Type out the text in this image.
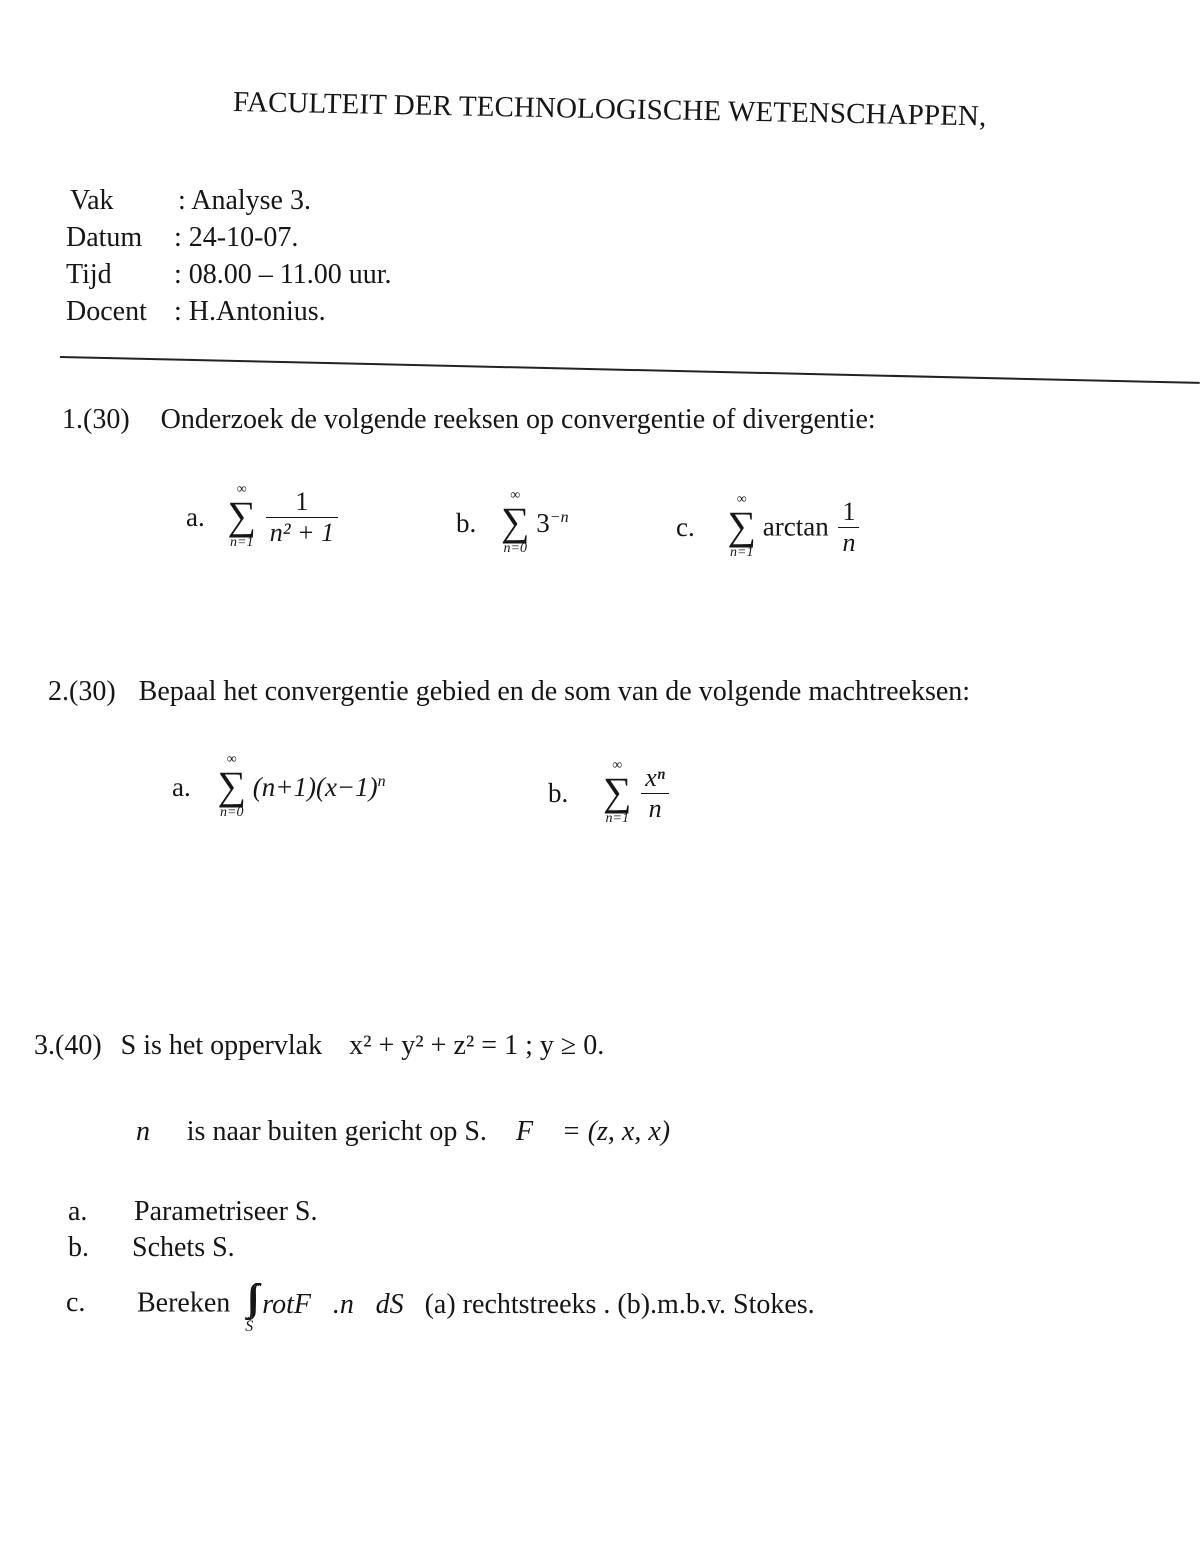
FACULTEIT DER TECHNOLOGISCHE WETENSCHAPPEN,
Vak : Analyse 3.
Datum : 24-10-07.
Tijd : 08.00 – 11.00 uur.
Docent : H.Antonius.
1.(30) Onderzoek de volgende reeksen op convergentie of divergentie:
a.
∞
∑
n=1
$\frac{1}{\text{n² + 1}}$	b.
∞
∑
n=0
$3^{-n}$	c.
∞
∑
n=1
$\arctan \frac{1}{n}$
2.(30) Bepaal het convergentie gebied en de som van de volgende machtreeksen:
a.
∞
∑
n=0
$(n+1)(x-1)^n$	b.
∞
∑
n=1
$\frac{\text{xⁿ}}{n}$
3.(40) S is het oppervlak x² + y² + z² = 1 ; y ≥ 0.
n⃗ is naar buiten gericht op S. F⃗ = (z, x, x)
a. Parametriseer S.
b. Schets S.
c. Bereken ∫∫
S
rotF⃗.n⃗dS (a) rechtstreeks . (b).m.b.v. Stokes.
